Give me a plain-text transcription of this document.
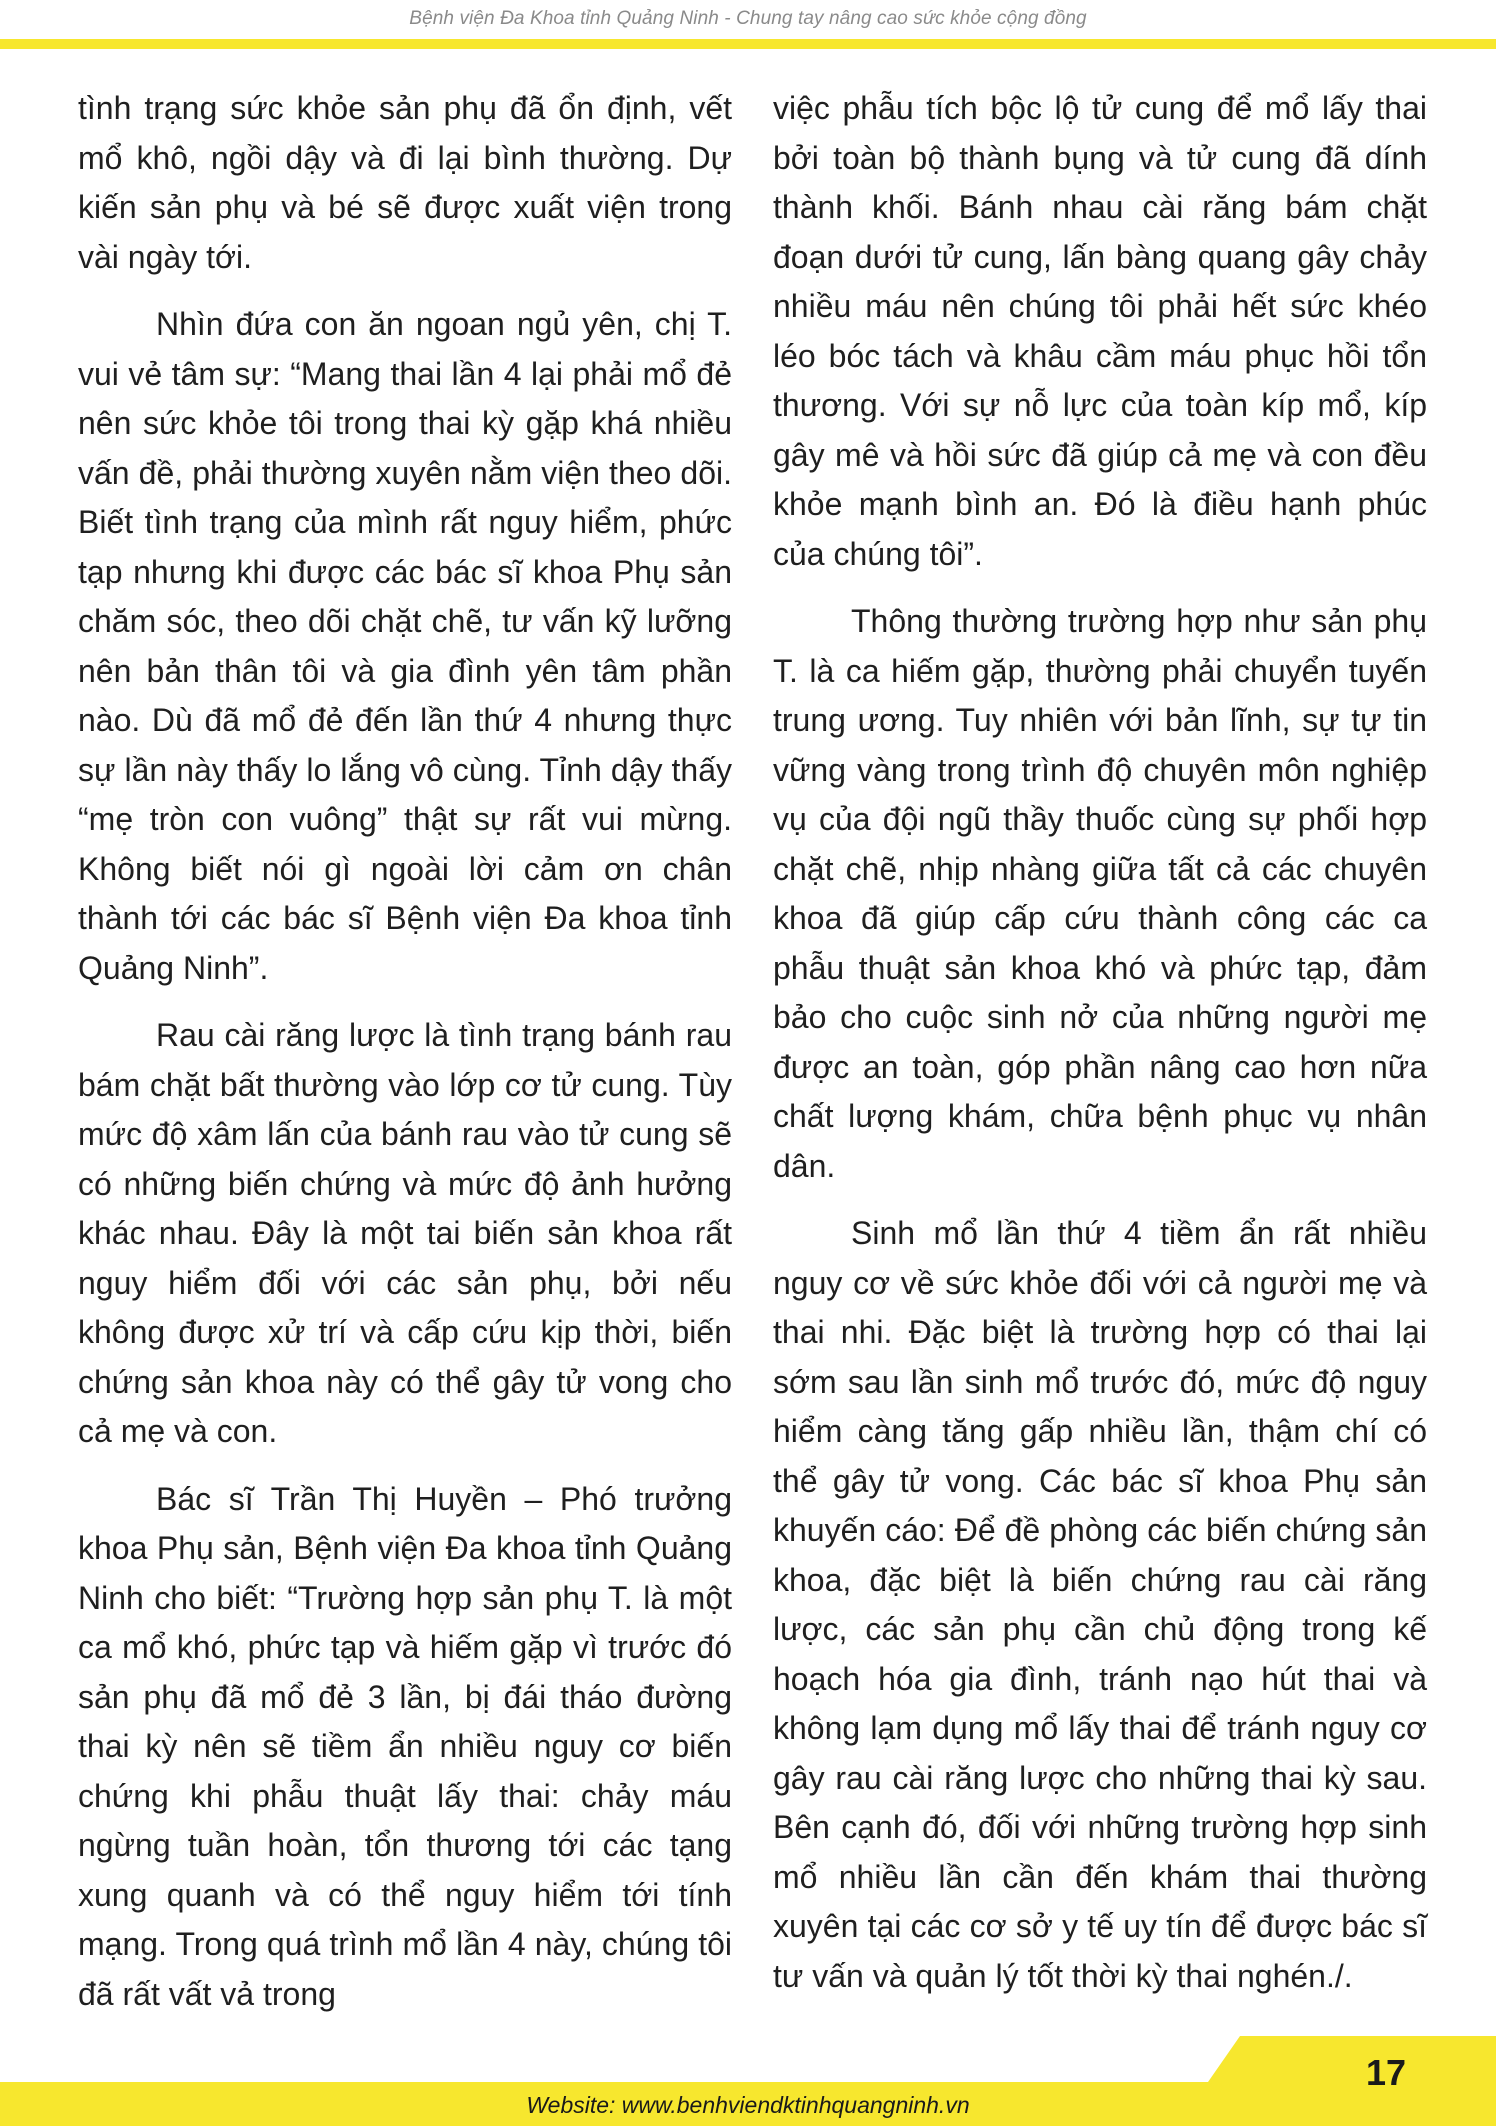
Bệnh viện Đa Khoa tỉnh Quảng Ninh - Chung tay nâng cao sức khỏe cộng đồng

tình trạng sức khỏe sản phụ đã ổn định, vết mổ khô, ngồi dậy và đi lại bình thường. Dự kiến sản phụ và bé sẽ được xuất viện trong vài ngày tới.

Nhìn đứa con ăn ngoan ngủ yên, chị T. vui vẻ tâm sự: “Mang thai lần 4 lại phải mổ đẻ nên sức khỏe tôi trong thai kỳ gặp khá nhiều vấn đề, phải thường xuyên nằm viện theo dõi. Biết tình trạng của mình rất nguy hiểm, phức tạp nhưng khi được các bác sĩ khoa Phụ sản chăm sóc, theo dõi chặt chẽ, tư vấn kỹ lưỡng nên bản thân tôi và gia đình yên tâm phần nào. Dù đã mổ đẻ đến lần thứ 4 nhưng thực sự lần này thấy lo lắng vô cùng. Tỉnh dậy thấy “mẹ tròn con vuông” thật sự rất vui mừng. Không biết nói gì ngoài lời cảm ơn chân thành tới các bác sĩ Bệnh viện Đa khoa tỉnh Quảng Ninh”.

Rau cài răng lược là tình trạng bánh rau bám chặt bất thường vào lớp cơ tử cung. Tùy mức độ xâm lấn của bánh rau vào tử cung sẽ có những biến chứng và mức độ ảnh hưởng khác nhau. Đây là một tai biến sản khoa rất nguy hiểm đối với các sản phụ, bởi nếu không được xử trí và cấp cứu kịp thời, biến chứng sản khoa này có thể gây tử vong cho cả mẹ và con.

Bác sĩ Trần Thị Huyền – Phó trưởng khoa Phụ sản, Bệnh viện Đa khoa tỉnh Quảng Ninh cho biết: “Trường hợp sản phụ T. là một ca mổ khó, phức tạp và hiếm gặp vì trước đó sản phụ đã mổ đẻ 3 lần, bị đái tháo đường thai kỳ nên sẽ tiềm ẩn nhiều nguy cơ biến chứng khi phẫu thuật lấy thai: chảy máu ngừng tuần hoàn, tổn thương tới các tạng xung quanh và có thể nguy hiểm tới tính mạng. Trong quá trình mổ lần 4 này, chúng tôi đã rất vất vả trong

việc phẫu tích bộc lộ tử cung để mổ lấy thai bởi toàn bộ thành bụng và tử cung đã dính thành khối. Bánh nhau cài răng bám chặt đoạn dưới tử cung, lấn bàng quang gây chảy nhiều máu nên chúng tôi phải hết sức khéo léo bóc tách và khâu cầm máu phục hồi tổn thương. Với sự nỗ lực của toàn kíp mổ, kíp gây mê và hồi sức đã giúp cả mẹ và con đều khỏe mạnh bình an. Đó là điều hạnh phúc của chúng tôi”.

Thông thường trường hợp như sản phụ T. là ca hiếm gặp, thường phải chuyển tuyến trung ương. Tuy nhiên với bản lĩnh, sự tự tin vững vàng trong trình độ chuyên môn nghiệp vụ của đội ngũ thầy thuốc cùng sự phối hợp chặt chẽ, nhịp nhàng giữa tất cả các chuyên khoa đã giúp cấp cứu thành công các ca phẫu thuật sản khoa khó và phức tạp, đảm bảo cho cuộc sinh nở của những người mẹ được an toàn, góp phần nâng cao hơn nữa chất lượng khám, chữa bệnh phục vụ nhân dân.

Sinh mổ lần thứ 4 tiềm ẩn rất nhiều nguy cơ về sức khỏe đối với cả người mẹ và thai nhi. Đặc biệt là trường hợp có thai lại sớm sau lần sinh mổ trước đó, mức độ nguy hiểm càng tăng gấp nhiều lần, thậm chí có thể gây tử vong. Các bác sĩ khoa Phụ sản khuyến cáo: Để đề phòng các biến chứng sản khoa, đặc biệt là biến chứng rau cài răng lược, các sản phụ cần chủ động trong kế hoạch hóa gia đình, tránh nạo hút thai và không lạm dụng mổ lấy thai để tránh nguy cơ gây rau cài răng lược cho những thai kỳ sau. Bên cạnh đó, đối với những trường hợp sinh mổ nhiều lần cần đến khám thai thường xuyên tại các cơ sở y tế uy tín để được bác sĩ tư vấn và quản lý tốt thời kỳ thai nghén./.

Website: www.benhviendktinhquangninh.vn
17
